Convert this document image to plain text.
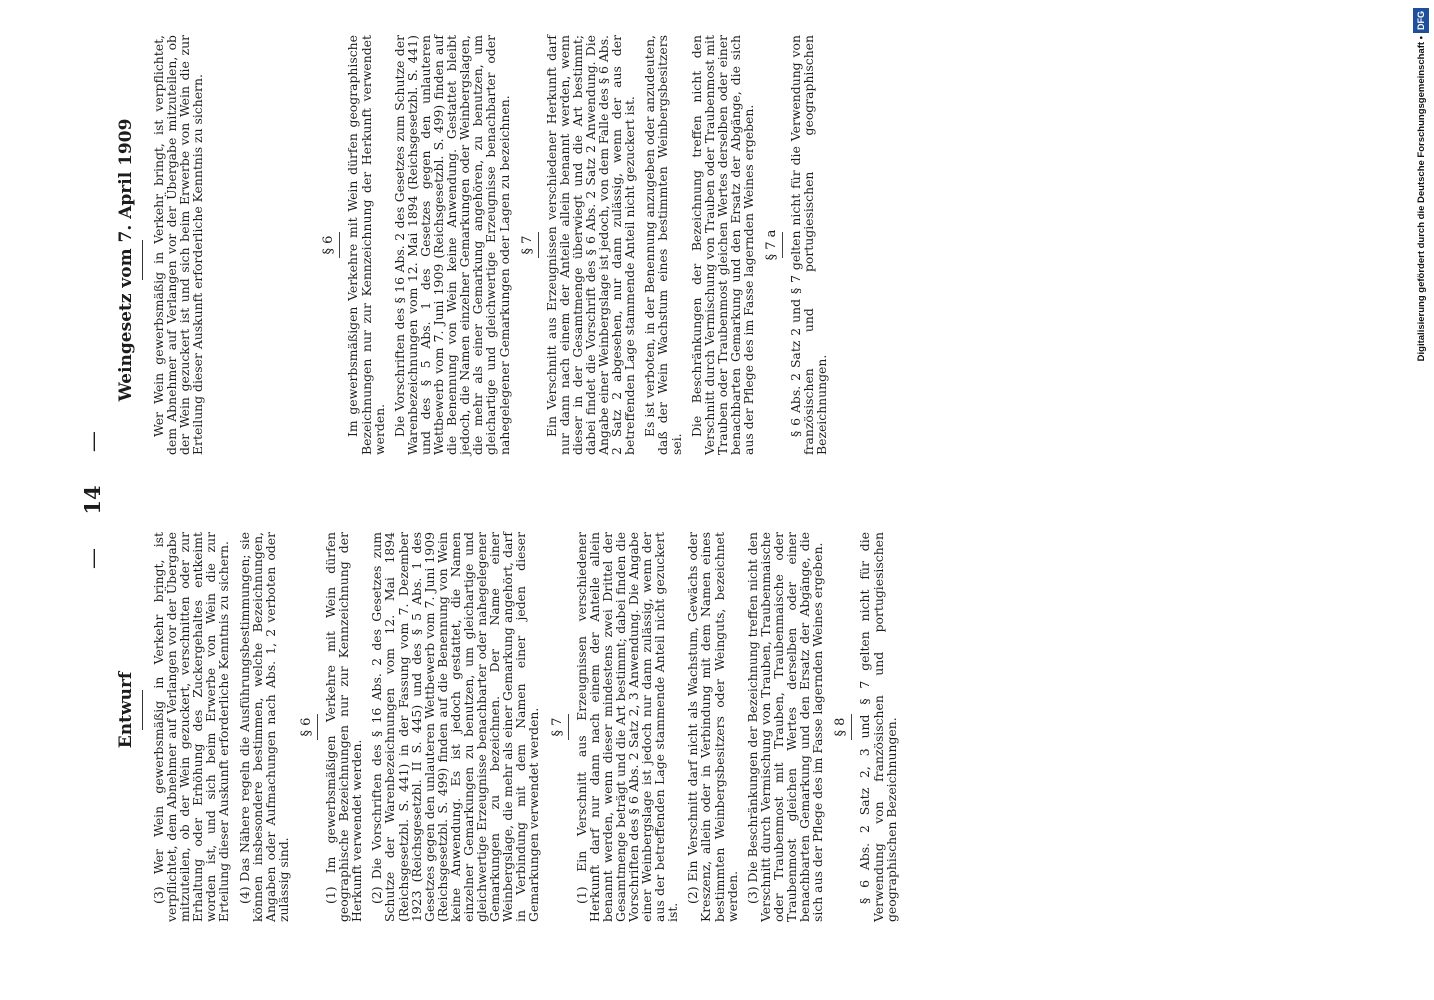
— 14 —
Entwurf
Weingesetz vom 7. April 1909

(3) Wer Wein gewerbsmäßig in Verkehr bringt, ist verpflichtet, dem Abnehmer auf Verlangen vor der Übergabe mitzuteilen, ob der Wein gezuckert, verschnitten oder zur Erhaltung oder Erhöhung des Zuckergehaltes entkeimt worden ist, und sich beim Erwerbe von Wein die zur Erteilung dieser Auskunft erforderliche Kenntnis zu sichern. (4) Das Nähere regeln die Ausführungsbestimmungen; sie können insbesondere bestimmen, welche Bezeichnungen, Angaben oder Aufmachungen nach Abs. 1, 2 verboten oder zulässig sind.

§ 6 (1) Im gewerbsmäßigen Verkehre mit Wein dürfen geographische Bezeichnungen nur zur Kennzeichnung der Herkunft verwendet werden. (2) Die Vorschriften des § 16 Abs. 2 des Gesetzes zum Schutze der Warenbezeichnungen vom 12. Mai 1894 (Reichsgesetzbl. S. 441) in der Fassung vom 7. Dezember 1923 (Reichsgesetzbl. II S. 445) und des § 5 Abs. 1 des Gesetzes gegen den unlauteren Wettbewerb vom 7. Juni 1909 (Reichsgesetzbl. S. 499) finden auf die Benennung von Wein keine Anwendung. Es ist jedoch gestattet, die Namen einzelner Gemarkungen zu benutzen, um gleichartige und gleichwertige Erzeugnisse benachbarter oder nahegelegener Gemarkungen zu bezeichnen. Der Name einer Weinbergslage, die mehr als einer Gemarkung angehört, darf in Verbindung mit dem Namen einer jeden dieser Gemarkungen verwendet werden. § 7 (1) Ein Verschnitt aus Erzeugnissen verschiedener Herkunft darf nur dann nach einem der Anteile allein benannt werden, wenn dieser mindestens zwei Drittel der Gesamtmenge beträgt und die Art bestimmt; dabei finden die Vorschriften des § 6 Abs. 2 Satz 2, 3 Anwendung. Die Angabe einer Weinbergslage ist jedoch nur dann zulässig, wenn der aus der betreffenden Lage stammende Anteil nicht gezuckert ist.

(2) Ein Verschnitt darf nicht als Wachstum, Gewächs oder Kreszenz, allein oder in Verbindung mit dem Namen eines bestimmten Weinbergsbesitzers oder Weinguts, bezeichnet werden. (3) Die Beschränkungen der Bezeichnung treffen nicht den Verschnitt durch Vermischung von Trauben, Traubenmaische oder Traubenmost mit Trauben, Traubenmaische oder Traubenmost gleichen Wertes derselben oder einer benachbarten Gemarkung und den Ersatz der Abgänge, die sich aus der Pflege des im Fasse lagernden Weines ergeben. § 8 § 6 Abs. 2 Satz 2, 3 und § 7 gelten nicht für die Verwendung von französischen und portugiesischen geographischen Bezeichnungen.

Wer Wein gewerbsmäßig in Verkehr bringt, ist verpflichtet, dem Abnehmer auf Verlangen vor der Übergabe mitzuteilen, ob der Wein gezuckert ist und sich beim Erwerbe von Wein die zur Erteilung dieser Auskunft erforderliche Kenntnis zu sichern.	§ 6 Im gewerbsmäßigen Verkehre mit Wein dürfen geographische Bezeichnungen nur zur Kennzeichnung der Herkunft verwendet werden. Die Vorschriften des § 16 Abs. 2 des Gesetzes zum Schutze der Warenbezeichnungen vom 12. Mai 1894 (Reichsgesetzbl. S. 441) und des § 5 Abs. 1 des Gesetzes gegen den unlauteren Wettbewerb vom 7. Juni 1909 (Reichsgesetzbl. S. 499) finden auf die Benennung von Wein keine Anwendung. Gestattet bleibt jedoch, die Namen einzelner Gemarkungen oder Weinbergslagen, die mehr als einer Gemarkung angehören, zu benutzen, um gleichartige und gleichwertige Erzeugnisse benachbarter oder nahegelegener Gemarkungen oder Lagen zu bezeichnen. § 7 Ein Verschnitt aus Erzeugnissen verschiedener Herkunft darf nur dann nach einem der Anteile allein benannt werden, wenn dieser in der Gesamtmenge überwiegt und die Art bestimmt; dabei findet die Vorschrift des § 6 Abs. 2 Satz 2 Anwendung. Die Angabe einer Weinbergslage ist jedoch, von dem Falle des § 6 Abs. 2 Satz 2 abgesehen, nur dann zulässig, wenn der aus der betreffenden Lage stammende Anteil nicht gezuckert ist. Es ist verboten, in der Benennung anzugeben oder anzudeuten, daß der Wein Wachstum eines bestimmten Weinbergsbesitzers sei.

Die Beschränkungen der Bezeichnung treffen nicht den Verschnitt durch Vermischung von Trauben oder Traubenmost mit Trauben oder Traubenmost gleichen Wertes derselben oder einer benachbarten Gemarkung und den Ersatz der Abgänge, die sich aus der Pflege des im Fasse lagernden Weines ergeben. § 7 a § 6 Abs. 2 Satz 2 und § 7 gelten nicht für die Verwendung von französischen und portugiesischen geographischen Bezeichnungen.

Digitalisierung gefördert durch die Deutsche Forschungsgemeinschaft •DFG
